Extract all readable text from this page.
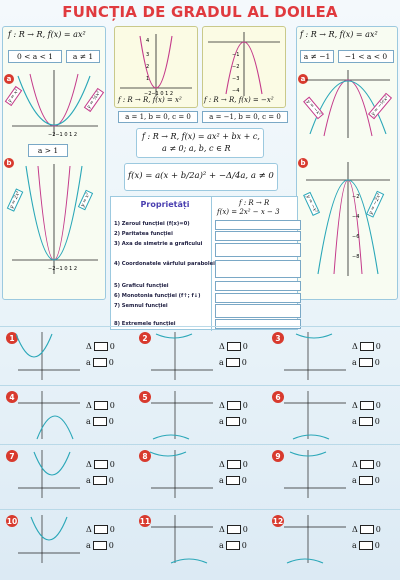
FUNCȚIA DE GRADUL AL DOILEA
f : R → R, f(x) = ax²
0 < a < 1	a ≠ 1
a
−2−1 0 1 2
y = x²	y = ¼x²
a > 1
b
−2−1 0 1 2
y = 2x²	y = x²
4
3
2
1
−2−1 0 1 2
f : R → R, f(x) = x²
−1
−2
−3
−4
f : R → R, f(x) = −x²
a = 1, b = 0, c = 0	a = −1, b = 0, c = 0
f : R → R, f(x) = ax² + bx + c,
a ≠ 0; a, b, c ∈ R
f(x) = a(x + b/2a)² + −Δ/4a, a ≠ 0
f : R → R, f(x) = ax²
a ≠ −1	−1 < a < 0
a
y = −x²	y = −½x²
b
−2
−4
−6
−8
y = −x²	y = −2x²
Proprietăți	f : R → R
f(x) = 2x² − x − 3
1) Zeroul funcției (f(x)=0)
2) Paritatea funcției
3) Axa de simetrie a graficului
4) Coordonatele vârfului parabolei
5) Graficul funcției
6) Monotonia funcției (f↑; f↓)
7) Semnul funcției
8) Extremele funcției
1
Δ 0
a 0
2
Δ 0
a 0
3
Δ 0
a 0
4
Δ 0
a 0
5
Δ 0
a 0
6
Δ 0
a 0
7
Δ 0
a 0
8
Δ 0
a 0
9
Δ 0
a 0
10
Δ 0
a 0
11
Δ 0
a 0
12
Δ 0
a 0
